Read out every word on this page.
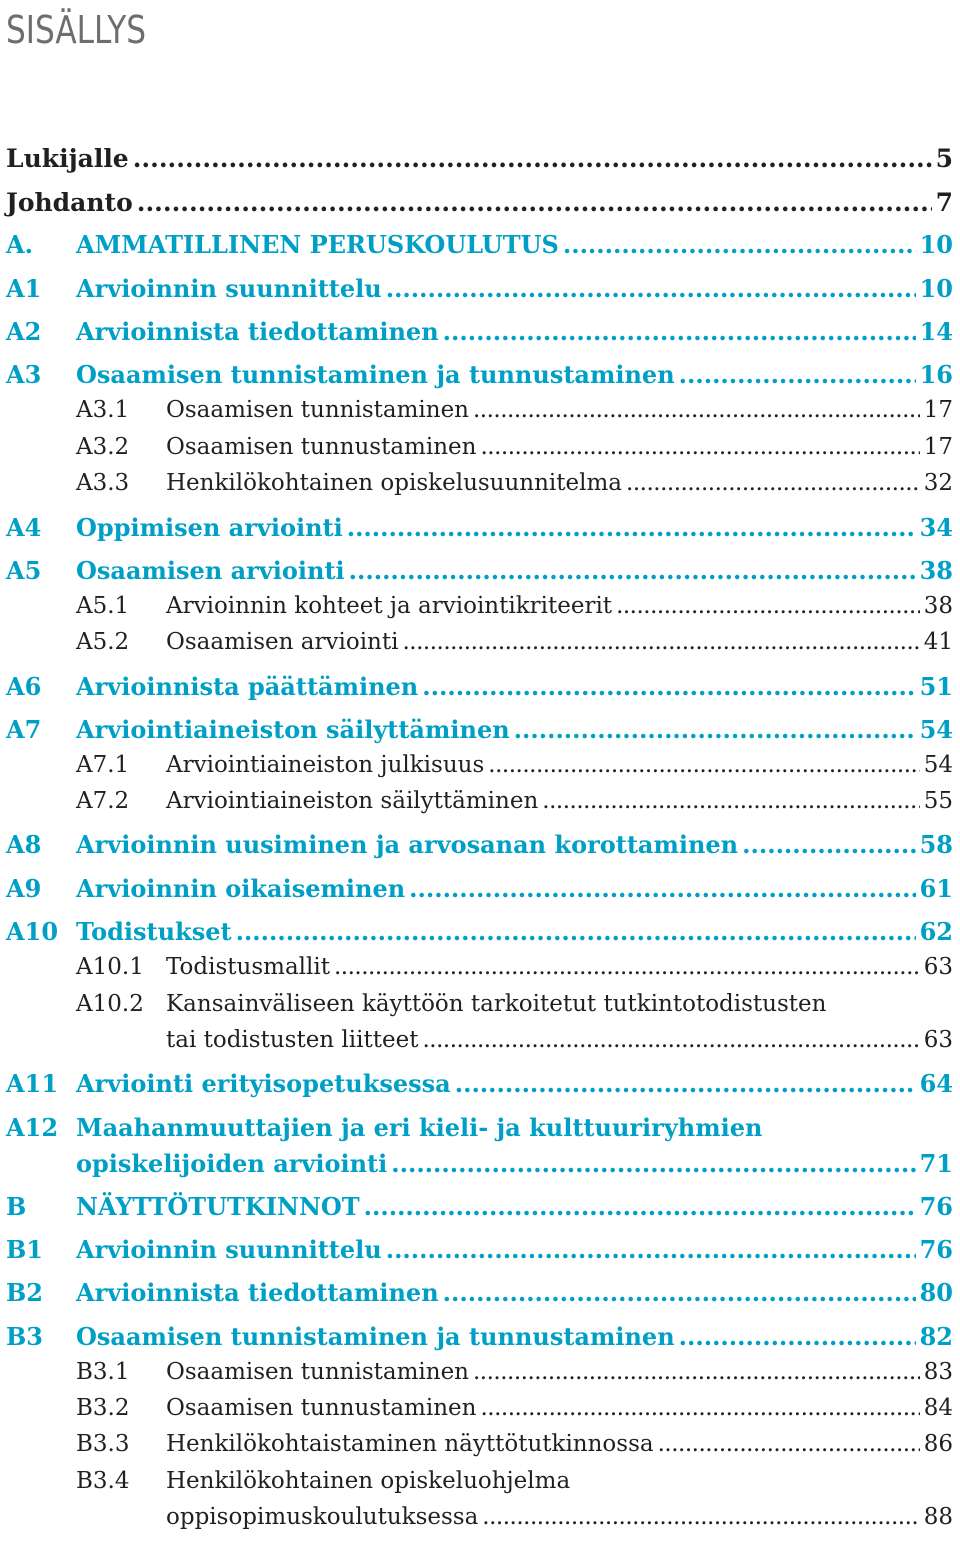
SISÄLLYS
Lukijalle	5
.....
Johdanto	7
.....
A. AMMATILLINEN PERUSKOULUTUS	10
.....
A1 Arvioinnin suunnittelu	10
.....
A2 Arvioinnista tiedottaminen	14
.....
A3 Osaamisen tunnistaminen ja tunnustaminen	16
.....
A3.1 Osaamisen tunnistaminen	17
.....
A3.2 Osaamisen tunnustaminen	17
.....
A3.3 Henkilökohtainen opiskelusuunnitelma	32
.....
A4 Oppimisen arviointi	34
.....
A5 Osaamisen arviointi	38
.....
A5.1 Arvioinnin kohteet ja arviointikriteerit	38
.....
A5.2 Osaamisen arviointi	41
.....
A6 Arvioinnista päättäminen	51
.....
A7 Arviointiaineiston säilyttäminen	54
.....
A7.1 Arviointiaineiston julkisuus	54
.....
A7.2 Arviointiaineiston säilyttäminen	55
.....
A8 Arvioinnin uusiminen ja arvosanan korottaminen	58
.....
A9 Arvioinnin oikaiseminen	61
.....
A10 Todistukset	62
.....
A10.1 Todistusmallit	63
.....
A10.2 Kansainväliseen käyttöön tarkoitetut tutkintotodistusten
tai todistusten liitteet	63
.....
A11 Arviointi erityisopetuksessa	64
.....
A12 Maahanmuuttajien ja eri kieli- ja kulttuuriryhmien
opiskelijoiden arviointi	71
.....
B NÄYTTÖTUTKINNOT	76
.....
B1 Arvioinnin suunnittelu	76
.....
B2 Arvioinnista tiedottaminen	80
.....
B3 Osaamisen tunnistaminen ja tunnustaminen	82
.....
B3.1 Osaamisen tunnistaminen	83
.....
B3.2 Osaamisen tunnustaminen	84
.....
B3.3 Henkilökohtaistaminen näyttötutkinnossa	86
.....
B3.4 Henkilökohtainen opiskeluohjelma
oppisopimuskoulutuksessa	88
.....
